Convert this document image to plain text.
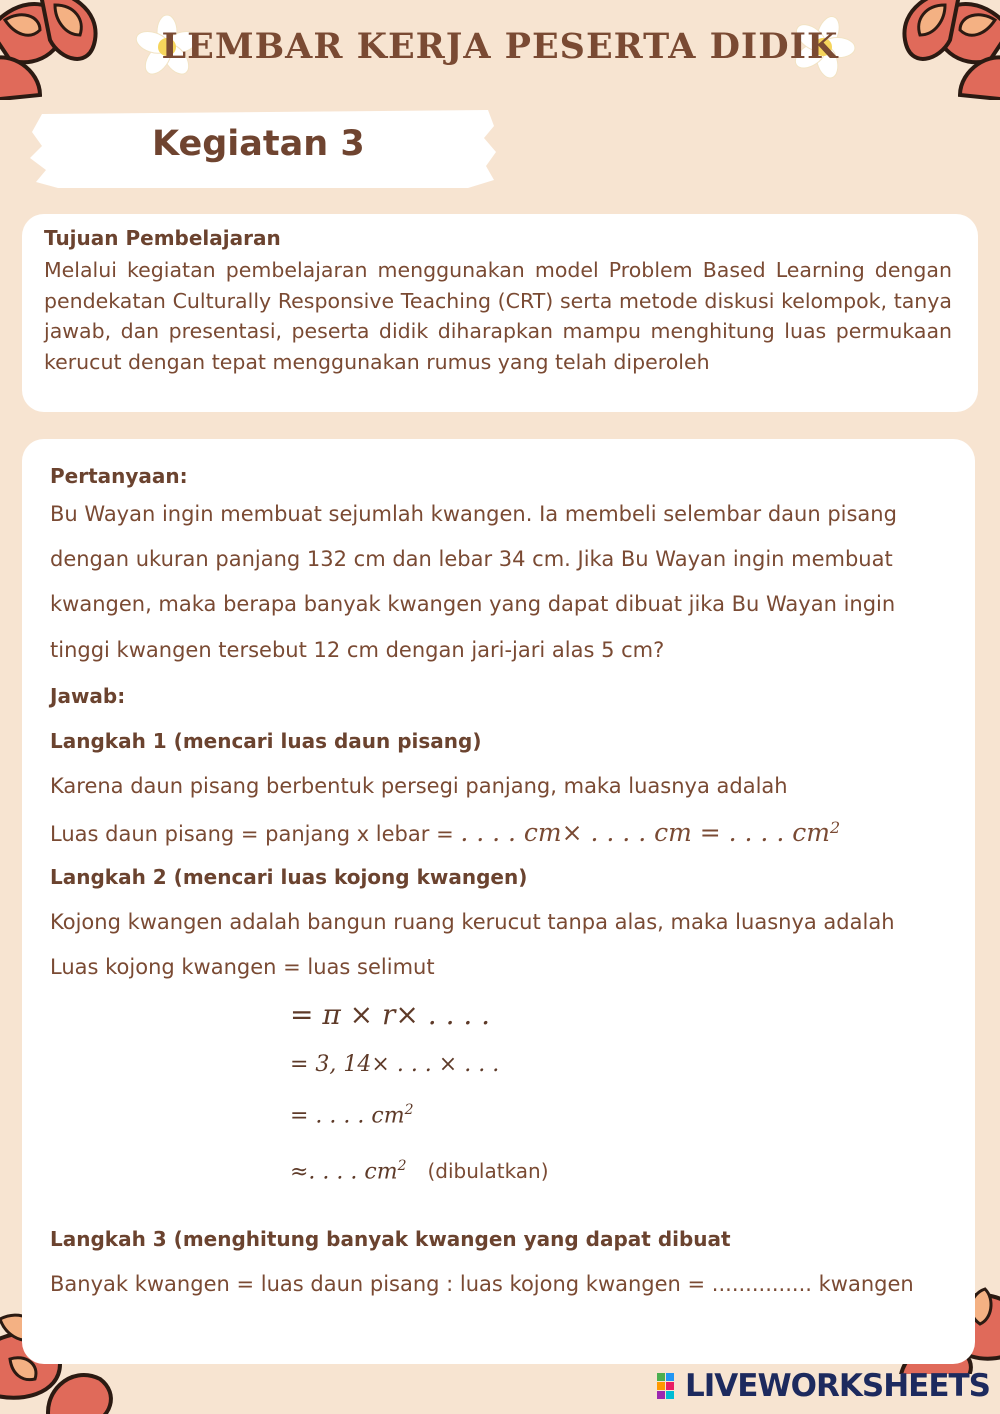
LEMBAR KERJA PESERTA DIDIK
Kegiatan 3
Tujuan Pembelajaran
Melalui kegiatan pembelajaran menggunakan model Problem Based Learning dengan pendekatan Culturally Responsive Teaching (CRT) serta metode diskusi kelompok, tanya jawab, dan presentasi, peserta didik diharapkan mampu menghitung luas permukaan kerucut dengan tepat menggunakan rumus yang telah diperoleh
Pertanyaan:
Bu Wayan ingin membuat sejumlah kwangen. Ia membeli selembar daun pisang
dengan ukuran panjang 132 cm dan lebar 34 cm. Jika Bu Wayan ingin membuat
kwangen, maka berapa banyak kwangen yang dapat dibuat jika Bu Wayan ingin
tinggi kwangen tersebut 12 cm dengan jari-jari alas 5 cm?
Jawab:
Langkah 1 (mencari luas daun pisang)
Karena daun pisang berbentuk persegi panjang, maka luasnya adalah
Luas daun pisang = panjang x lebar = . . . . cm× . . . . cm = . . . . $cm^2$
Langkah 2 (mencari luas kojong kwangen)
Kojong kwangen adalah bangun ruang kerucut tanpa alas, maka luasnya adalah
Luas kojong kwangen = luas selimut
= π × r× . . . .
= 3, 14× . . . × . . .
= . . . . $cm^2$
≈. . . . $cm^2$ (dibulatkan)
Langkah 3 (menghitung banyak kwangen yang dapat dibuat
Banyak kwangen = luas daun pisang : luas kojong kwangen = ............... kwangen
LIVEWORKSHEETS
